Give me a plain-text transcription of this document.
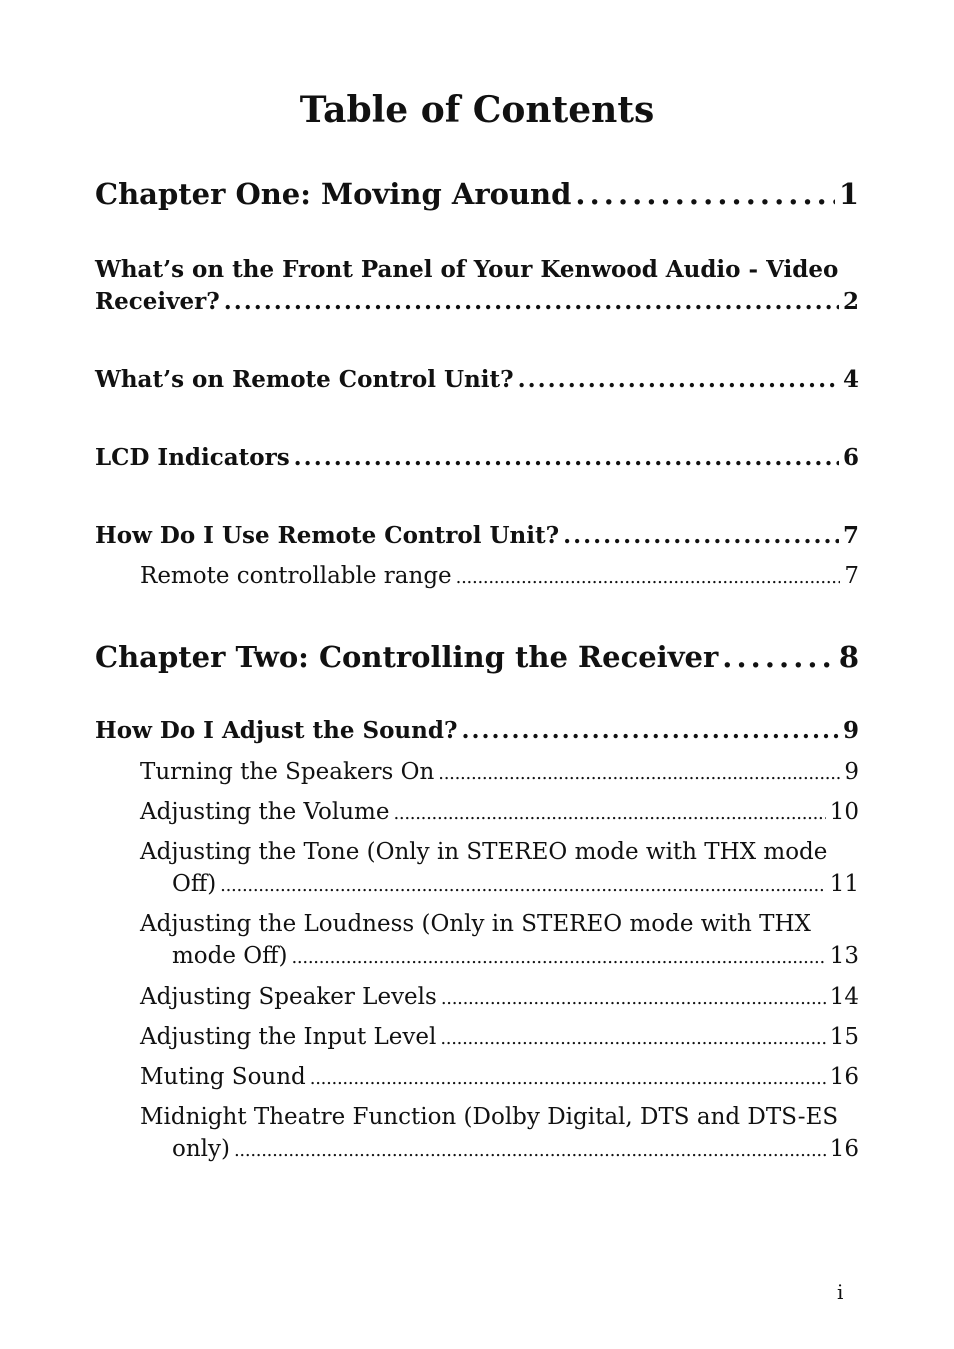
Table of Contents
Chapter One: Moving Around . . .	1
What’s on the Front Panel of Your Kenwood Audio - Video
Receiver? . . .	2
What’s on Remote Control Unit? . . .	4
LCD Indicators . . .	6
How Do I Use Remote Control Unit? . . .	7
Remote controllable range . . .	7
Chapter Two: Controlling the Receiver . . .	8
How Do I Adjust the Sound? . . .	9
Turning the Speakers On . . .	9
Adjusting the Volume . . .	10
Adjusting the Tone (Only in STEREO mode with THX mode
Off) . . .	11
Adjusting the Loudness (Only in STEREO mode with THX
mode Off) . . .	13
Adjusting Speaker Levels . . .	14
Adjusting the Input Level . . .	15
Muting Sound . . .	16
Midnight Theatre Function (Dolby Digital, DTS and DTS-ES
only) . . .	16
i
